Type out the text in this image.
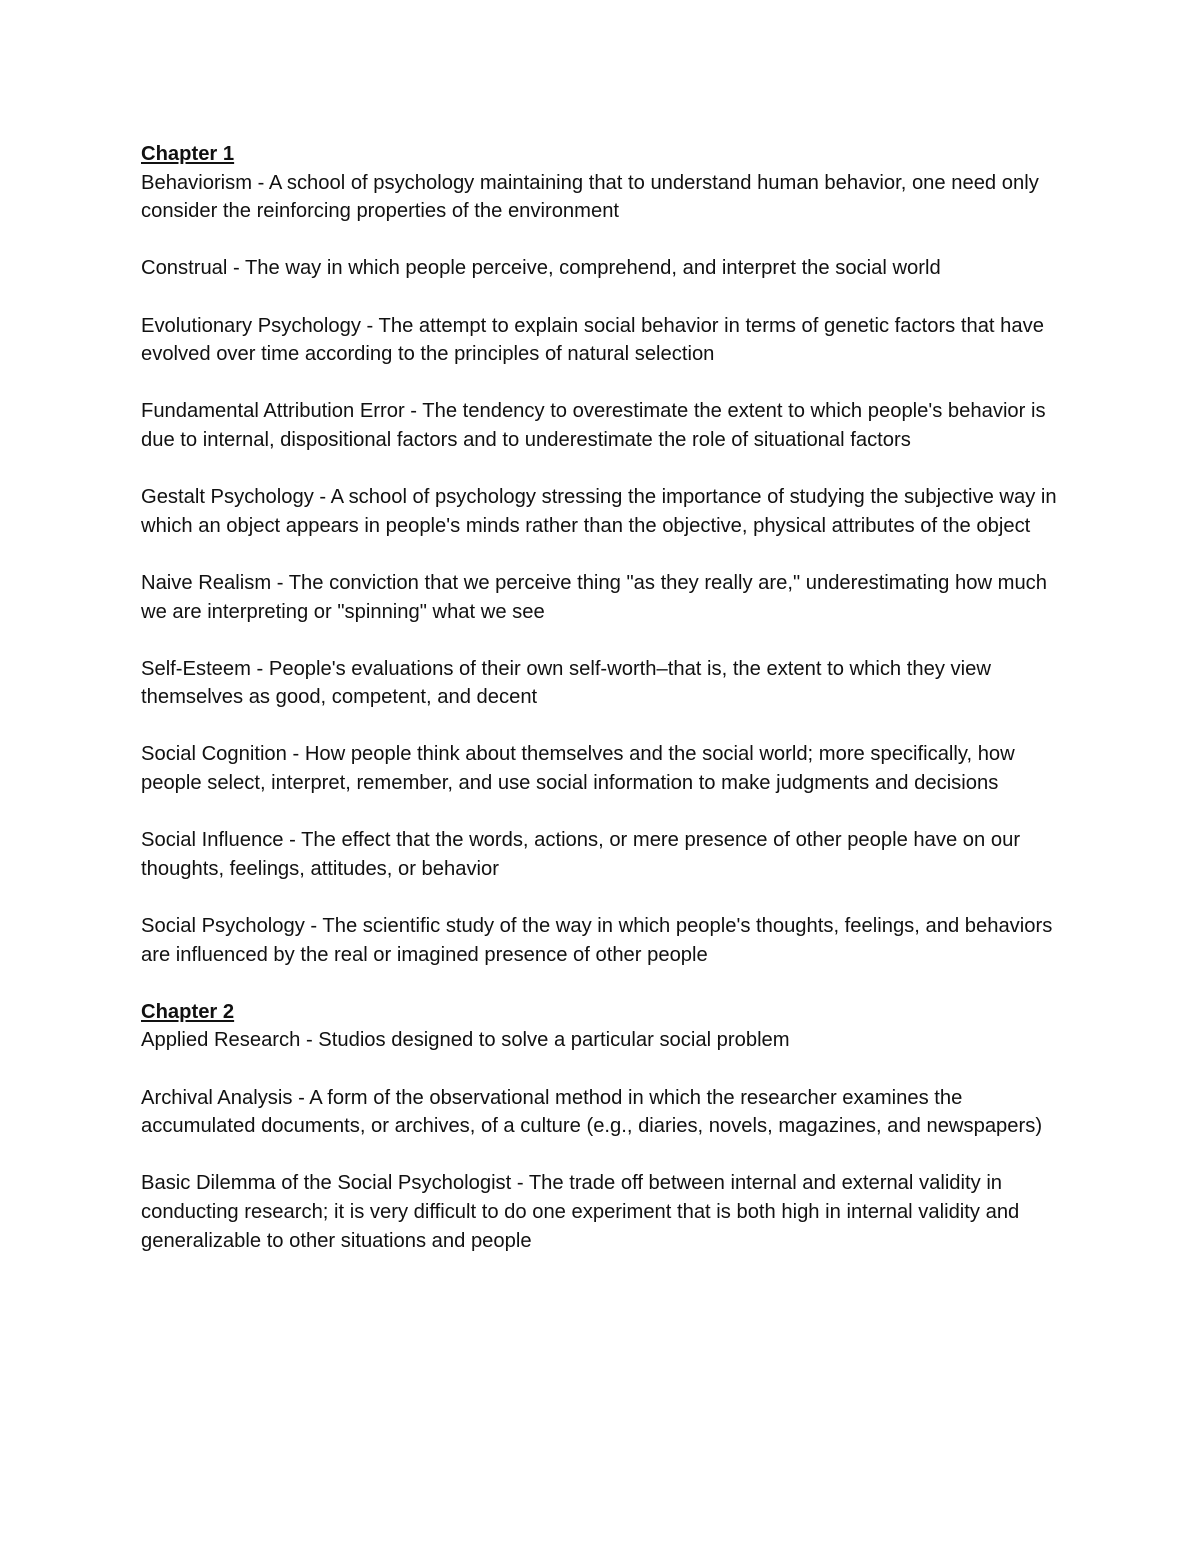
Chapter 1

Behaviorism - A school of psychology maintaining that to understand human behavior, one need only consider the reinforcing properties of the environment

Construal - The way in which people perceive, comprehend, and interpret the social world

Evolutionary Psychology - The attempt to explain social behavior in terms of genetic factors that have evolved over time according to the principles of natural selection

Fundamental Attribution Error - The tendency to overestimate the extent to which people's behavior is due to internal, dispositional factors and to underestimate the role of situational factors

Gestalt Psychology - A school of psychology stressing the importance of studying the subjective way in which an object appears in people's minds rather than the objective, physical attributes of the object

Naive Realism - The conviction that we perceive thing "as they really are," underestimating how much we are interpreting or "spinning" what we see

Self-Esteem - People's evaluations of their own self-worth–that is, the extent to which they view themselves as good, competent, and decent

Social Cognition - How people think about themselves and the social world; more specifically, how people select, interpret, remember, and use social information to make judgments and decisions

Social Influence - The effect that the words, actions, or mere presence of other people have on our thoughts, feelings, attitudes, or behavior

Social Psychology - The scientific study of the way in which people's thoughts, feelings, and behaviors are influenced by the real or imagined presence of other people

Chapter 2

Applied Research - Studios designed to solve a particular social problem

Archival Analysis - A form of the observational method in which the researcher examines the accumulated documents, or archives, of a culture (e.g., diaries, novels, magazines, and newspapers)

Basic Dilemma of the Social Psychologist - The trade off between internal and external validity in conducting research; it is very difficult to do one experiment that is both high in internal validity and generalizable to other situations and people
